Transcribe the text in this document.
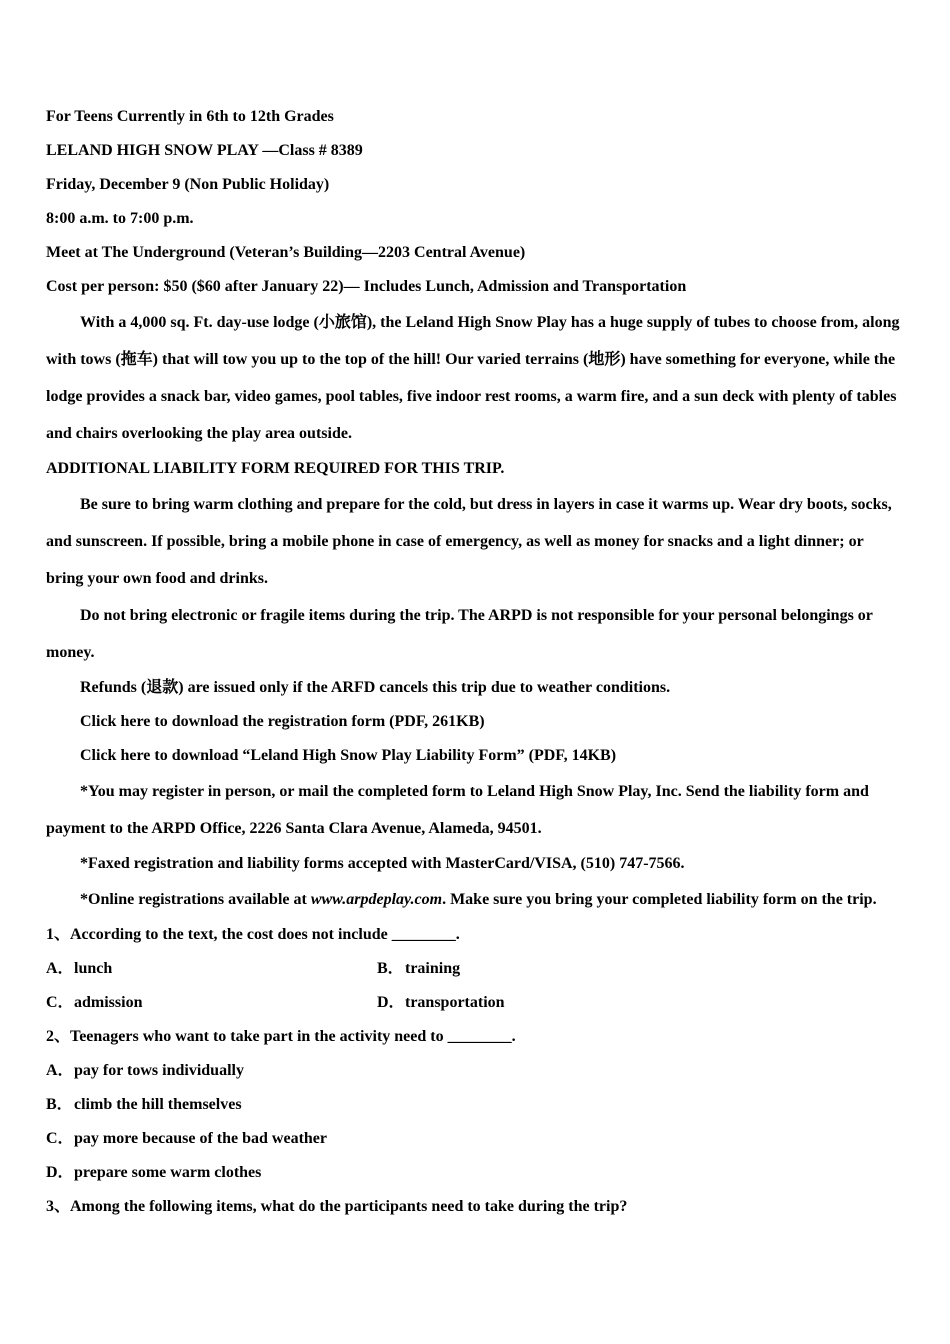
For Teens Currently in 6th to 12th Grades

LELAND HIGH SNOW PLAY —Class # 8389

Friday, December 9 (Non Public Holiday)

8:00 a.m. to 7:00 p.m.

Meet at The Underground (Veteran’s Building—2203 Central Avenue)

Cost per person: $50 ($60 after January 22)— Includes Lunch, Admission and Transportation

With a 4,000 sq. Ft. day-use lodge (小旅馆), the Leland High Snow Play has a huge supply of tubes to choose from, along with tows (拖车) that will tow you up to the top of the hill! Our varied terrains (地形) have something for everyone, while the lodge provides a snack bar, video games, pool tables, five indoor rest rooms, a warm fire, and a sun deck with plenty of tables and chairs overlooking the play area outside.

ADDITIONAL LIABILITY FORM REQUIRED FOR THIS TRIP.

Be sure to bring warm clothing and prepare for the cold, but dress in layers in case it warms up. Wear dry boots, socks, and sunscreen. If possible, bring a mobile phone in case of emergency, as well as money for snacks and a light dinner; or bring your own food and drinks.

Do not bring electronic or fragile items during the trip. The ARPD is not responsible for your personal belongings or money.

Refunds (退款) are issued only if the ARFD cancels this trip due to weather conditions.

Click here to download the registration form (PDF, 261KB)

Click here to download “Leland High Snow Play Liability Form” (PDF, 14KB)

*You may register in person, or mail the completed form to Leland High Snow Play, Inc. Send the liability form and payment to the ARPD Office, 2226 Santa Clara Avenue, Alameda, 94501.

*Faxed registration and liability forms accepted with MasterCard/VISA, (510) 747-7566.

*Online registrations available at www.arpdeplay.com. Make sure you bring your completed liability form on the trip.

1、According to the text, the cost does not include ________.

A．lunch	B．training
C．admission	D．transportation

2、Teenagers who want to take part in the activity need to ________.

A．pay for tows individually

B．climb the hill themselves

C．pay more because of the bad weather

D．prepare some warm clothes

3、Among the following items, what do the participants need to take during the trip?
